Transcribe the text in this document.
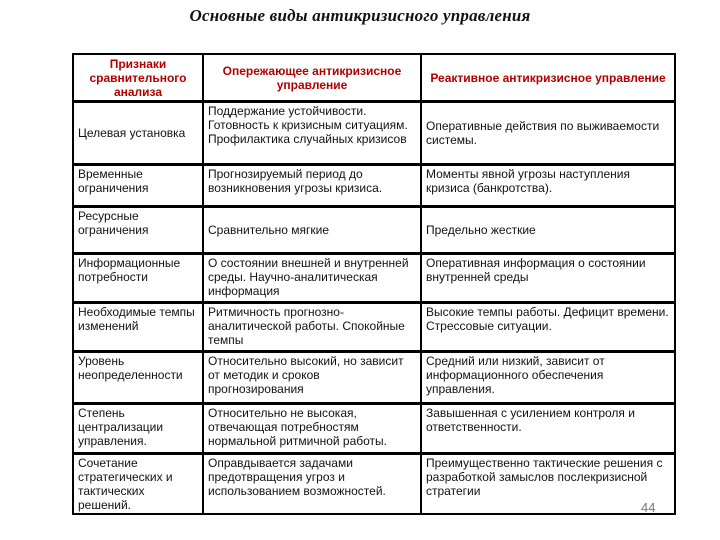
Основные виды антикризисного управления
Признаки сравнительного анализа	Опережающее антикризисное управление	Реактивное антикризисное управление
Целевая установка	Поддержание устойчивости. Готовность к кризисным ситуациям. Профилактика случайных кризисов	Оперативные действия по выживаемости системы.
Временные ограничения	Прогнозируемый период до возникновения угрозы кризиса.	Моменты явной угрозы наступления кризиса (банкротства).
Ресурсные ограничения	Сравнительно мягкие	Предельно жесткие
Информационные потребности	О состоянии внешней и внутренней среды. Научно-аналитическая информация	Оперативная информация о состоянии внутренней среды
Необходимые темпы изменений	Ритмичность прогнозно-аналитической работы. Спокойные темпы	Высокие темпы работы. Дефицит времени. Стрессовые ситуации.
Уровень неопределенности	Относительно высокий, но зависит от методик и сроков прогнозирования	Средний или низкий, зависит от информационного обеспечения управления.
Степень централизации управления.	Относительно не высокая, отвечающая потребностям нормальной ритмичной работы.	Завышенная с усилением контроля и ответственности.
Сочетание стратегических и тактических решений.	Оправдывается задачами предотвращения угроз и использованием возможностей.	Преимущественно тактические решения с разработкой замыслов послекризисной стратегии
44
